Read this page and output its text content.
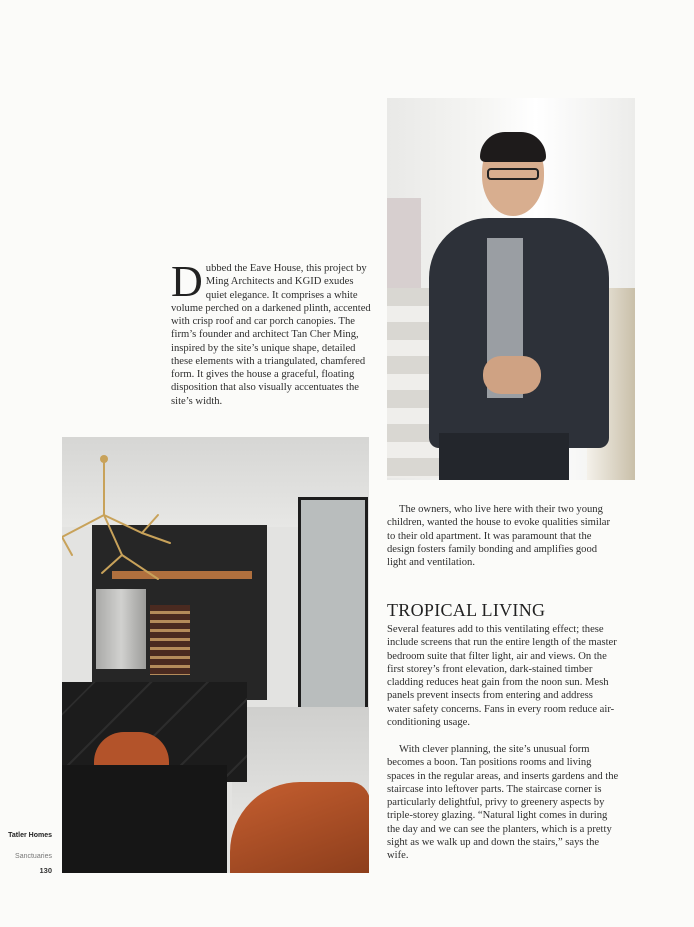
Dubbed the Eave House, this project by Ming Architects and KGID exudes quiet elegance. It comprises a white volume perched on a darkened plinth, accented with crisp roof and car porch canopies. The firm’s founder and architect Tan Cher Ming, inspired by the site’s unique shape, detailed these elements with a triangulated, chamfered form. It gives the house a graceful, floating disposition that also visually accentuates the site’s width.

The owners, who live here with their two young children, wanted the house to evoke qualities similar to their old apartment. It was paramount that the design fosters family bonding and amplifies good light and ventilation.

TROPICAL LIVING

Several features add to this ventilating effect; these include screens that run the entire length of the master bedroom suite that filter light, air and views. On the first storey’s front elevation, dark-stained timber cladding reduces heat gain from the noon sun. Mesh panels prevent insects from entering and address water safety concerns. Fans in every room reduce air-conditioning usage.

With clever planning, the site’s unusual form becomes a boon. Tan positions rooms and living spaces in the regular areas, and inserts gardens and the staircase into leftover parts. The staircase corner is particularly delightful, privy to greenery aspects by triple-storey glazing. “Natural light comes in during the day and we can see the planters, which is a pretty sight as we walk up and down the stairs,” says the wife.

Tatler Homes

Sanctuaries

130
